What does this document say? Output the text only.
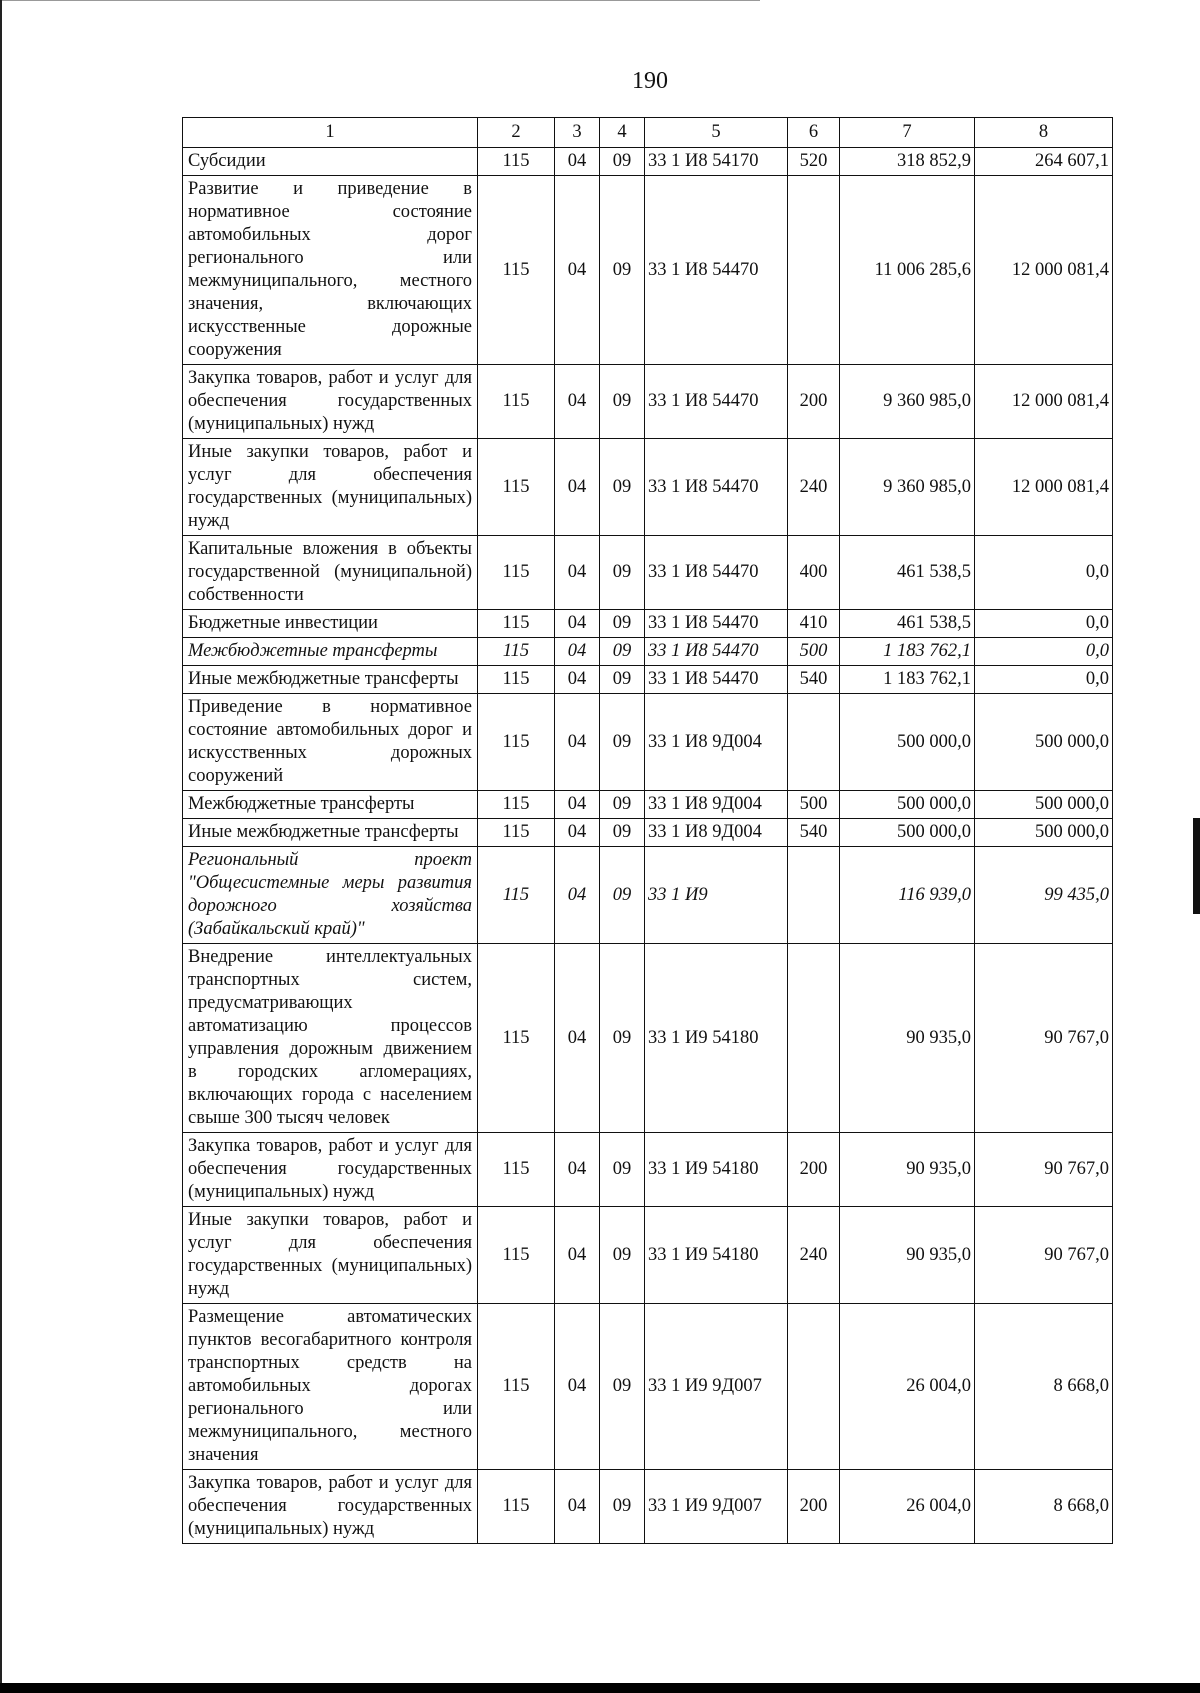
190
1	2	3	4	5	6	7	8
Субсидии	115	04	09	33 1 И8 54170	520	318 852,9	264 607,1
Развитие и приведение в нормативное состояние автомобильных дорог регионального или межмуниципального, местного значения, включающих искусственные дорожные сооружения	115	04	09	33 1 И8 54470		11 006 285,6	12 000 081,4
Закупка товаров, работ и услуг для обеспечения государственных (муниципальных) нужд	115	04	09	33 1 И8 54470	200	9 360 985,0	12 000 081,4
Иные закупки товаров, работ и услуг для обеспечения государственных (муниципальных) нужд	115	04	09	33 1 И8 54470	240	9 360 985,0	12 000 081,4
Капитальные вложения в объекты государственной (муниципальной) собственности	115	04	09	33 1 И8 54470	400	461 538,5	0,0
Бюджетные инвестиции	115	04	09	33 1 И8 54470	410	461 538,5	0,0
Межбюджетные трансферты	115	04	09	33 1 И8 54470	500	1 183 762,1	0,0
Иные межбюджетные трансферты	115	04	09	33 1 И8 54470	540	1 183 762,1	0,0
Приведение в нормативное состояние автомобильных дорог и искусственных дорожных сооружений	115	04	09	33 1 И8 9Д004		500 000,0	500 000,0
Межбюджетные трансферты	115	04	09	33 1 И8 9Д004	500	500 000,0	500 000,0
Иные межбюджетные трансферты	115	04	09	33 1 И8 9Д004	540	500 000,0	500 000,0
Региональный проект "Общесистемные меры развития дорожного хозяйства (Забайкальский край)"	115	04	09	33 1 И9		116 939,0	99 435,0
Внедрение интеллектуальных транспортных систем, предусматривающих автоматизацию процессов управления дорожным движением в городских агломерациях, включающих города с населением свыше 300 тысяч человек	115	04	09	33 1 И9 54180		90 935,0	90 767,0
Закупка товаров, работ и услуг для обеспечения государственных (муниципальных) нужд	115	04	09	33 1 И9 54180	200	90 935,0	90 767,0
Иные закупки товаров, работ и услуг для обеспечения государственных (муниципальных) нужд	115	04	09	33 1 И9 54180	240	90 935,0	90 767,0
Размещение автоматических пунктов весогабаритного контроля транспортных средств на автомобильных дорогах регионального или межмуниципального, местного значения	115	04	09	33 1 И9 9Д007		26 004,0	8 668,0
Закупка товаров, работ и услуг для обеспечения государственных (муниципальных) нужд	115	04	09	33 1 И9 9Д007	200	26 004,0	8 668,0
